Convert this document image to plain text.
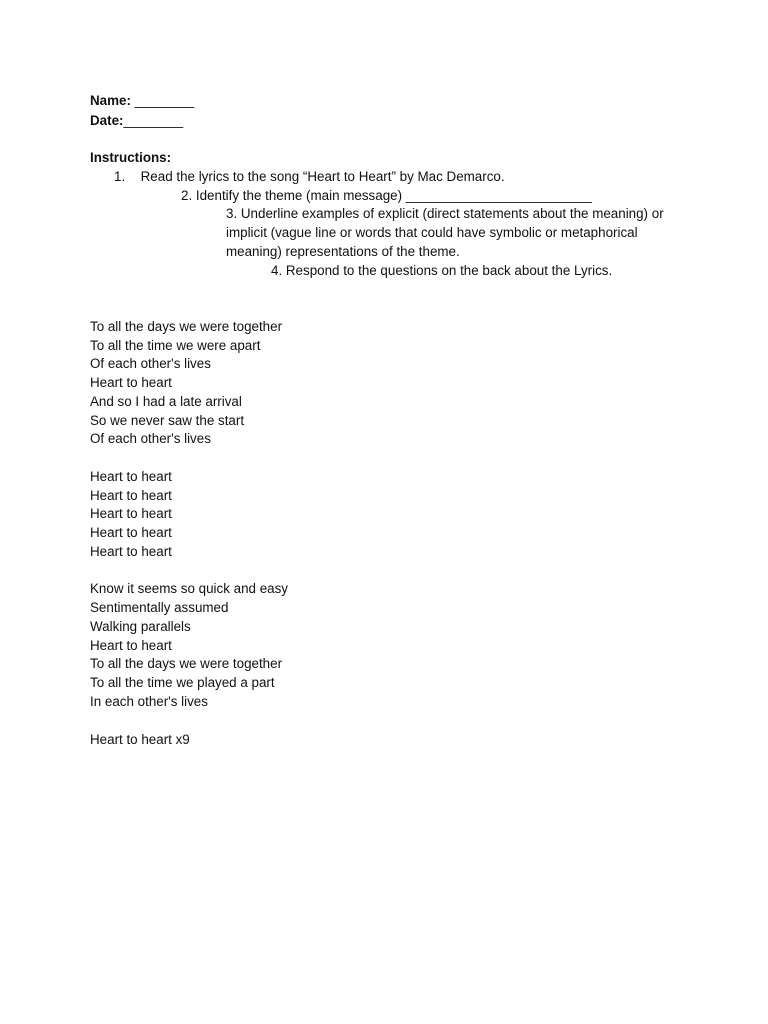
Name: ________
Date:________
Instructions:
1. Read the lyrics to the song “Heart to Heart” by Mac Demarco.
2. Identify the theme (main message) _________________________
3. Underline examples of explicit (direct statements about the meaning) or
implicit (vague line or words that could have symbolic or metaphorical
meaning) representations of the theme.
4. Respond to the questions on the back about the Lyrics.
To all the days we were together
To all the time we were apart
Of each other's lives
Heart to heart
And so I had a late arrival
So we never saw the start
Of each other's lives
Heart to heart
Heart to heart
Heart to heart
Heart to heart
Heart to heart
Know it seems so quick and easy
Sentimentally assumed
Walking parallels
Heart to heart
To all the days we were together
To all the time we played a part
In each other's lives
Heart to heart x9
